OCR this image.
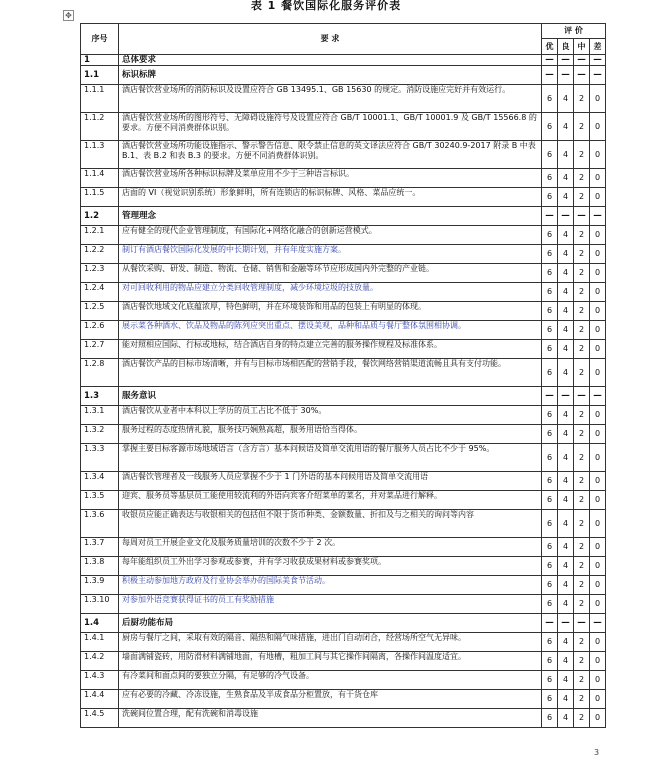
表 1 餐饮国际化服务评价表
✥
序号	要 求	评 价			
		优	良	中	差
1	总体要求	—	—	—	—
1.1	标识标牌	—	—	—	—
1.1.1	酒店餐饮营业场所的消防标识及设置应符合 GB 13495.1、GB 15630 的规定。消防设施应完好并有效运行。	6	4	2	0
1.1.2	酒店餐饮营业场所的图形符号、无障碍设施符号及设置应符合 GB/T 10001.1、GB/T 10001.9 及 GB/T 15566.8 的要求。方便不同消费群体识别。	6	4	2	0
1.1.3	酒店餐饮营业场所功能设施指示、警示警告信息、限令禁止信息的英文译法应符合 GB/T 30240.9-2017 附录 B 中表 B.1、表 B.2 和表 B.3 的要求。方便不同消费群体识别。	6	4	2	0
1.1.4	酒店餐饮营业场所各种标识标牌及菜单应用不少于三种语言标识。	6	4	2	0
1.1.5	店面的 VI（视觉识别系统）形象鲜明，所有连锁店的标识标牌、风格、菜品应统一。	6	4	2	0
1.2	管理理念	—	—	—	—
1.2.1	应有健全的现代企业管理制度，有国际化+网络化融合的创新运营模式。	6	4	2	0
1.2.2	制订有酒店餐饮国际化发展的中长期计划，并有年度实施方案。	6	4	2	0
1.2.3	从餐饮采购、研发、制造、物流、仓储、销售和金融等环节应形成国内外完整的产业链。	6	4	2	0
1.2.4	对可回收利用的物品应建立分类回收管理制度，减少环境垃圾的技放量。	6	4	2	0
1.2.5	酒店餐饮地域文化底蕴浓厚，特色鲜明，并在环境装饰和用品的包装上有明显的体现。	6	4	2	0
1.2.6	展示菜各种酒水、饮品及物品的陈列应突出重点、摆设美观，品种和品质与餐厅整体氛围相协调。	6	4	2	0
1.2.7	能对照相应国际、行标或地标，结合酒店自身的特点建立完善的服务操作规程及标准体系。	6	4	2	0
1.2.8	酒店餐饮产品的目标市场清晰，并有与目标市场相匹配的营销手段，餐饮网络营销渠道流畅且具有支付功能。	6	4	2	0
1.3	服务意识	—	—	—	—
1.3.1	酒店餐饮从业者中本科以上学历的员工占比不低于 30%。	6	4	2	0
1.3.2	服务过程的态度热情礼貌，服务技巧娴熟高超，服务用语恰当得体。	6	4	2	0
1.3.3	掌握主要目标客源市场地域语言（含方言）基本问候语及简单交流用语的餐厅服务人员占比不少于 95%。	6	4	2	0
1.3.4	酒店餐饮管理者及一线服务人员应掌握不少于 1 门外语的基本问候用语及简单交流用语	6	4	2	0
1.3.5	迎宾、服务员等基层员工能使用较流利的外语向宾客介绍菜单的菜名，并对菜品进行解释。	6	4	2	0
1.3.6	收银员应能正确表达与收银相关的包括但不限于货币种类、金额数量、折扣及与之相关的询问等内容	6	4	2	0
1.3.7	每周对员工开展企业文化及服务质量培训的次数不少于 2 次。	6	4	2	0
1.3.8	每年能组织员工外出学习参观或参赛，并有学习收获成果材料或参赛奖项。	6	4	2	0
1.3.9	积极主动参加地方政府及行业协会举办的国际美食节活动。	6	4	2	0
1.3.10	对参加外语竞赛获得证书的员工有奖励措施	6	4	2	0
1.4	后厨功能布局	—	—	—	—
1.4.1	厨房与餐厅之间，采取有效的隔音、隔热和隔气味措施，进出门自动闭合，经营场所空气无异味。	6	4	2	0
1.4.2	墙面满铺瓷砖，用防滑材料满铺地面，有地槽，粗加工间与其它操作间隔离，各操作间温度适宜。	6	4	2	0
1.4.3	有冷菜间和面点间的要独立分隔，有足够的冷气设备。	6	4	2	0
1.4.4	应有必要的冷藏、冷冻设施，生熟食品及半成食品分柜置放，有干货仓库	6	4	2	0
1.4.5	洗碗间位置合理，配有洗碗和消毒设施	6	4	2	0
3
